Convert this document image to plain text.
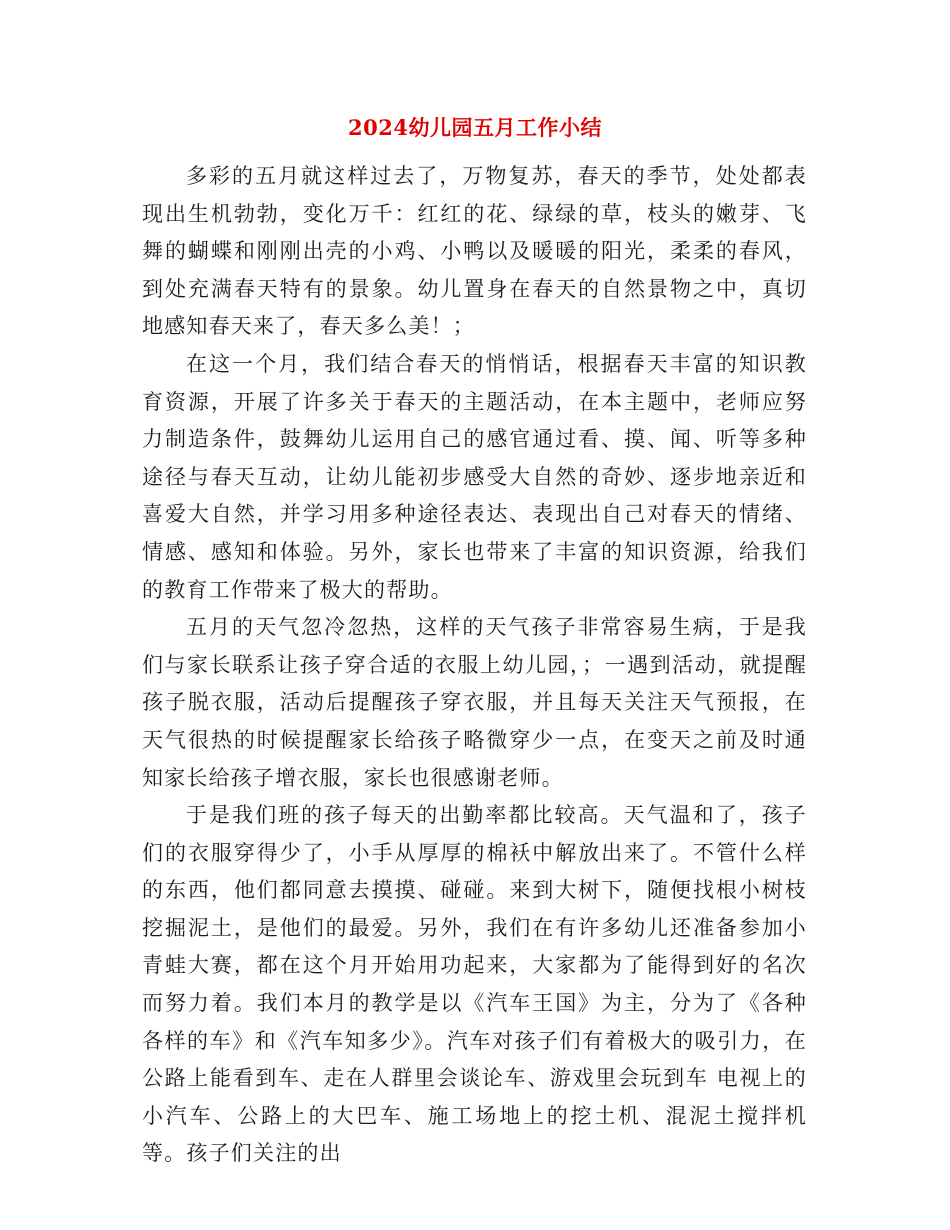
2024幼儿园五月工作小结

多彩的五月就这样过去了，万物复苏，春天的季节，处处都表现出生机勃勃，变化万千：红红的花、绿绿的草，枝头的嫩芽、飞舞的蝴蝶和刚刚出壳的小鸡、小鸭以及暖暖的阳光，柔柔的春风，到处充满春天特有的景象。幼儿置身在春天的自然景物之中，真切地感知春天来了，春天多么美！；

在这一个月，我们结合春天的悄悄话，根据春天丰富的知识教育资源，开展了许多关于春天的主题活动，在本主题中，老师应努力制造条件，鼓舞幼儿运用自己的感官通过看、摸、闻、听等多种途径与春天互动，让幼儿能初步感受大自然的奇妙、逐步地亲近和喜爱大自然，并学习用多种途径表达、表现出自己对春天的情绪、情感、感知和体验。另外，家长也带来了丰富的知识资源，给我们的教育工作带来了极大的帮助。

五月的天气忽冷忽热，这样的天气孩子非常容易生病，于是我们与家长联系让孩子穿合适的衣服上幼儿园，；一遇到活动，就提醒孩子脱衣服，活动后提醒孩子穿衣服，并且每天关注天气预报，在天气很热的时候提醒家长给孩子略微穿少一点，在变天之前及时通知家长给孩子增衣服，家长也很感谢老师。

于是我们班的孩子每天的出勤率都比较高。天气温和了，孩子们的衣服穿得少了，小手从厚厚的棉袄中解放出来了。不管什么样的东西，他们都同意去摸摸、碰碰。来到大树下，随便找根小树枝挖掘泥土，是他们的最爱。另外，我们在有许多幼儿还准备参加小青蛙大赛，都在这个月开始用功起来，大家都为了能得到好的名次而努力着。我们本月的教学是以《汽车王国》为主，分为了《各种各样的车》和《汽车知多少》。汽车对孩子们有着极大的吸引力，在公路上能看到车、走在人群里会谈论车、游戏里会玩到车 电视上的小汽车、公路上的大巴车、施工场地上的挖土机、混泥土搅拌机等。孩子们关注的出
